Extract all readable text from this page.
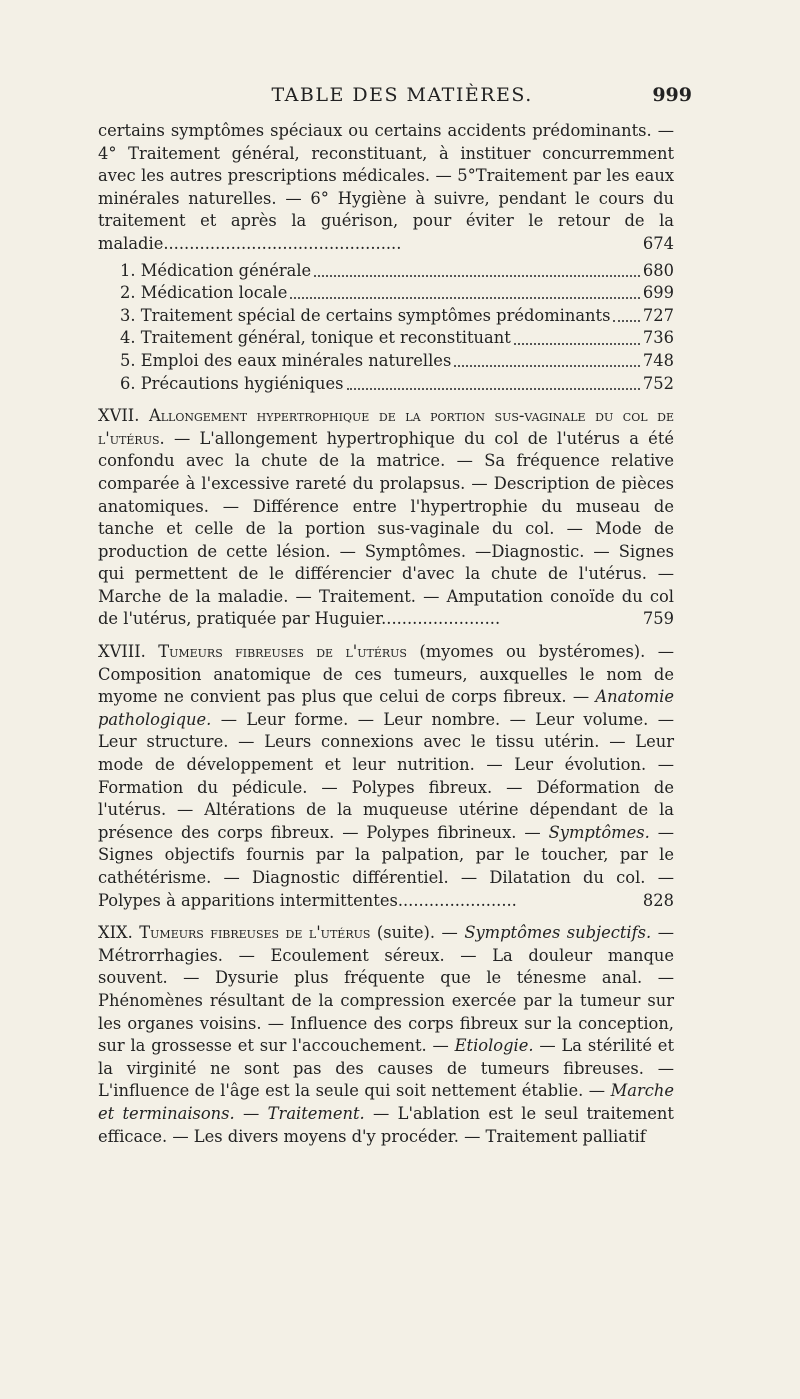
TABLE DES MATIÈRES.	999

certains symptômes spéciaux ou certains accidents prédominants. — 4° Traitement général, reconstituant, à instituer concurremment avec les autres prescriptions médicales. — 5°Traitement par les eaux minérales naturelles. — 6° Hygiène à suivre, pendant le cours du traitement et après la guérison, pour éviter le retour de la maladie..............................................	674

1. Médication générale	680
2. Médication locale	699
3. Traitement spécial de certains symptômes prédominants 727
4. Traitement général, tonique et reconstituant	736
5. Emploi des eaux minérales naturelles	748
6. Précautions hygiéniques	752

XVII. Allongement hypertrophique de la portion sus-vaginale du col de l'utérus. — L'allongement hypertrophique du col de l'utérus a été confondu avec la chute de la matrice. — Sa fréquence relative comparée à l'excessive rareté du prolapsus. — Description de pièces anatomiques. — Différence entre l'hypertrophie du museau de tanche et celle de la portion sus-vaginale du col. — Mode de production de cette lésion. — Symptômes. —Diagnostic. — Signes qui permettent de le différencier d'avec la chute de l'utérus. — Marche de la maladie. — Traitement. — Amputation conoïde du col de l'utérus, pratiquée par Huguier.......................	759

XVIII. Tumeurs fibreuses de l'utérus (myomes ou bystéromes). — Composition anatomique de ces tumeurs, auxquelles le nom de myome ne convient pas plus que celui de corps fibreux. — Anatomie pathologique. — Leur forme. — Leur nombre. — Leur volume. — Leur structure. — Leurs connexions avec le tissu utérin. — Leur mode de développement et leur nutrition. — Leur évolution. — Formation du pédicule. — Polypes fibreux. — Déformation de l'utérus. — Altérations de la muqueuse utérine dépendant de la présence des corps fibreux. — Polypes fibrineux. — Symptômes. — Signes objectifs fournis par la palpation, par le toucher, par le cathétérisme. — Diagnostic différentiel. — Dilatation du col. — Polypes à apparitions intermittentes.......................	828

XIX. Tumeurs fibreuses de l'utérus (suite). — Symptômes subjectifs. — Métrorrhagies. — Ecoulement séreux. — La douleur manque souvent. — Dysurie plus fréquente que le ténesme anal. — Phénomènes résultant de la compression exercée par la tumeur sur les organes voisins. — Influence des corps fibreux sur la conception, sur la grossesse et sur l'accouchement. — Etiologie. — La stérilité et la virginité ne sont pas des causes de tumeurs fibreuses. — L'influence de l'âge est la seule qui soit nettement établie. — Marche et terminaisons. — Traitement. — L'ablation est le seul traitement efficace. — Les divers moyens d'y procéder. — Traitement palliatif
